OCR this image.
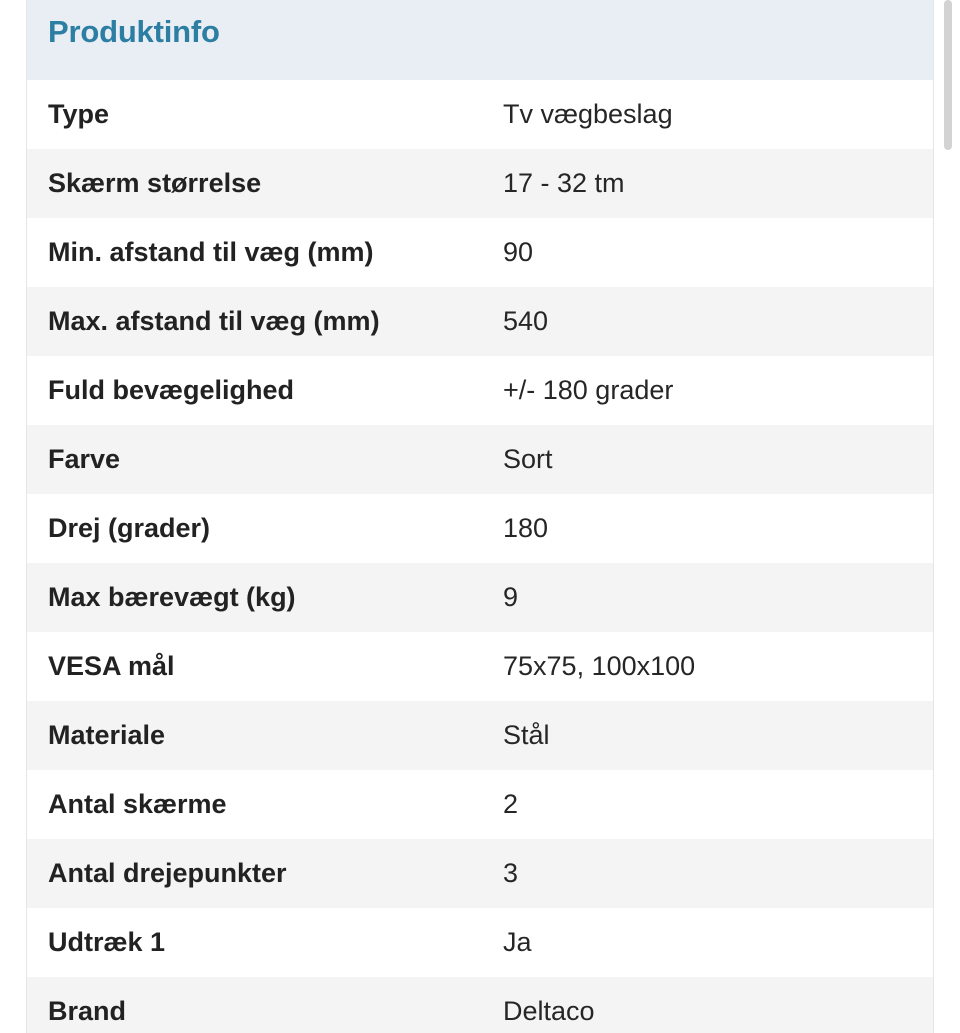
Produktinfo
Type	Tv vægbeslag
Skærm størrelse	17 - 32 tm
Min. afstand til væg (mm)	90
Max. afstand til væg (mm)	540
Fuld bevægelighed	+/- 180 grader
Farve	Sort
Drej (grader)	180
Max bærevægt (kg)	9
VESA mål	75x75, 100x100
Materiale	Stål
Antal skærme	2
Antal drejepunkter	3
Udtræk 1	Ja
Brand	Deltaco
